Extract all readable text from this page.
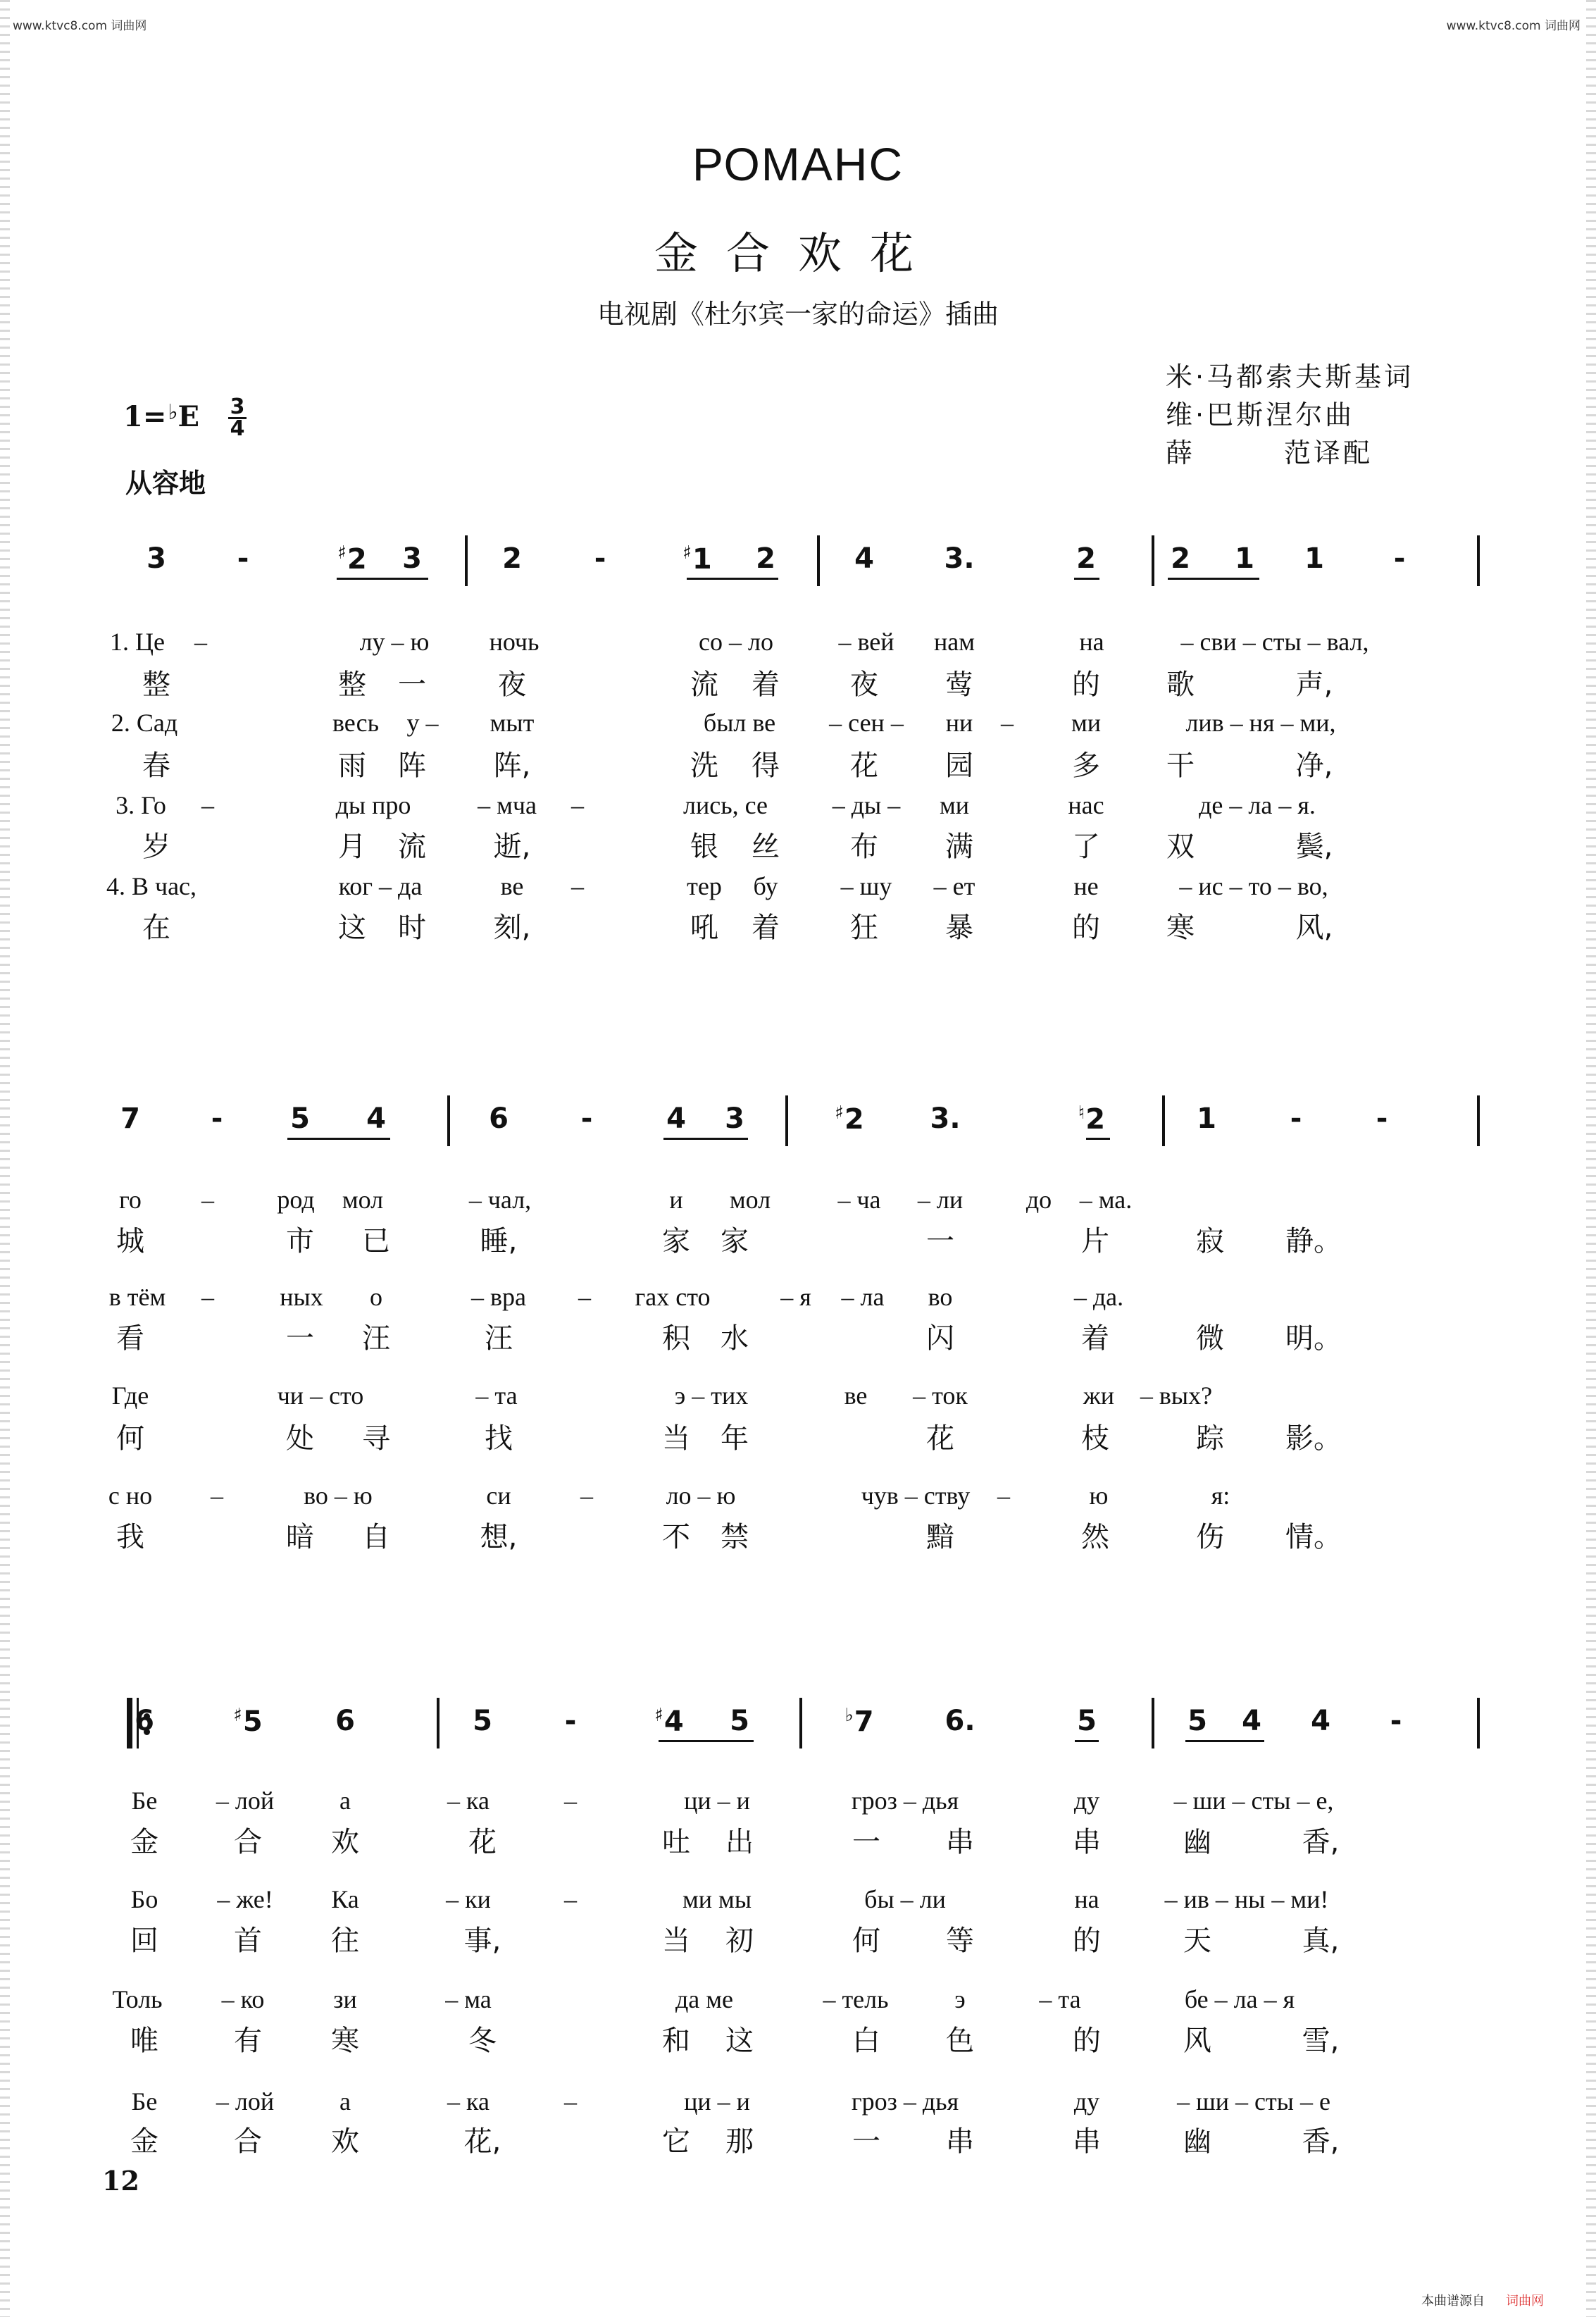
www.ktvc8.com 词曲网	www.ktvc8.com 词曲网
РОМАНС
金合欢花
电视剧《杜尔宾一家的命运》插曲
米·马都索夫斯基词
维·巴斯涅尔曲
薛　　　范译配
1=♭E 3
4
从容地
3	-	♯2 3	2	-	♯1 2	4 3.	2	2 1 1 -
1. Це –	лу – ю ночь	со – ло	– вей нам	на	– сви – сты – вал,
整	整 一	夜	流 着	夜 莺	的 歌	声,
2. Сад	весь у – мыт	был ве – сен – ни – ми	лив – ня – ми,
春	雨 阵 阵,	洗 得	花 园	多 干	净,
3. Го –	ды про	– мча –	лись, се	– ды – ми	нас	де – ла – я.
岁	月 流 逝,	银 丝	布 满	了 双	鬓,
4. В час,	ког – да	ве –	тер бу – шу – ет	не	– ис – то – во,
在	这 时 刻,	吼 着	狂 暴	的 寒	风,
7	- 5 4	6	-	4 3	♯2 3.	♮2	1	-	-
го – род мол	– чал,	и мол	– ча – ли до – ма.
城	市 已	睡,	家 家	一	片	寂 静。
в тём –	ных о	– вра – гах сто	– я – ла во	– да.
看	一 汪	汪	积 水	闪	着	微 明。
Где	чи – сто	– та	э – тих	ве – ток	жи – вых?
何	处 寻	找	当 年	花	枝	踪 影。
с но –	во – ю	си	–	ло – ю	чув – ству –	ю	я:
我	暗 自	想,	不 禁	黯	然	伤 情。
6	♯5	6	5	-	♯4 5	♭7	6.	5	5 4 4 -
Бе – лой	а	– ка	–	ци – и	гроз – дья	ду	– ши – сты – е,
金	合 欢	花	吐 出	一 串	串	幽	香,
Бо – же! Ка	– ки	–	ми мы	бы – ли	на	– ив – ны – ми!
回	首 往	事,	当 初	何 等	的	天	真,
Толь – ко	зи	– ма	да ме	– тель	э	– та	бе – ла – я
唯	有 寒	冬	和 这	白 色	的	风	雪,
Бе – лой	а	– ка	–	ци – и	гроз – дья	ду	– ши – сты – е
金	合 欢	花,	它 那	一 串	串	幽	香,
12
本曲谱源自 词曲网
